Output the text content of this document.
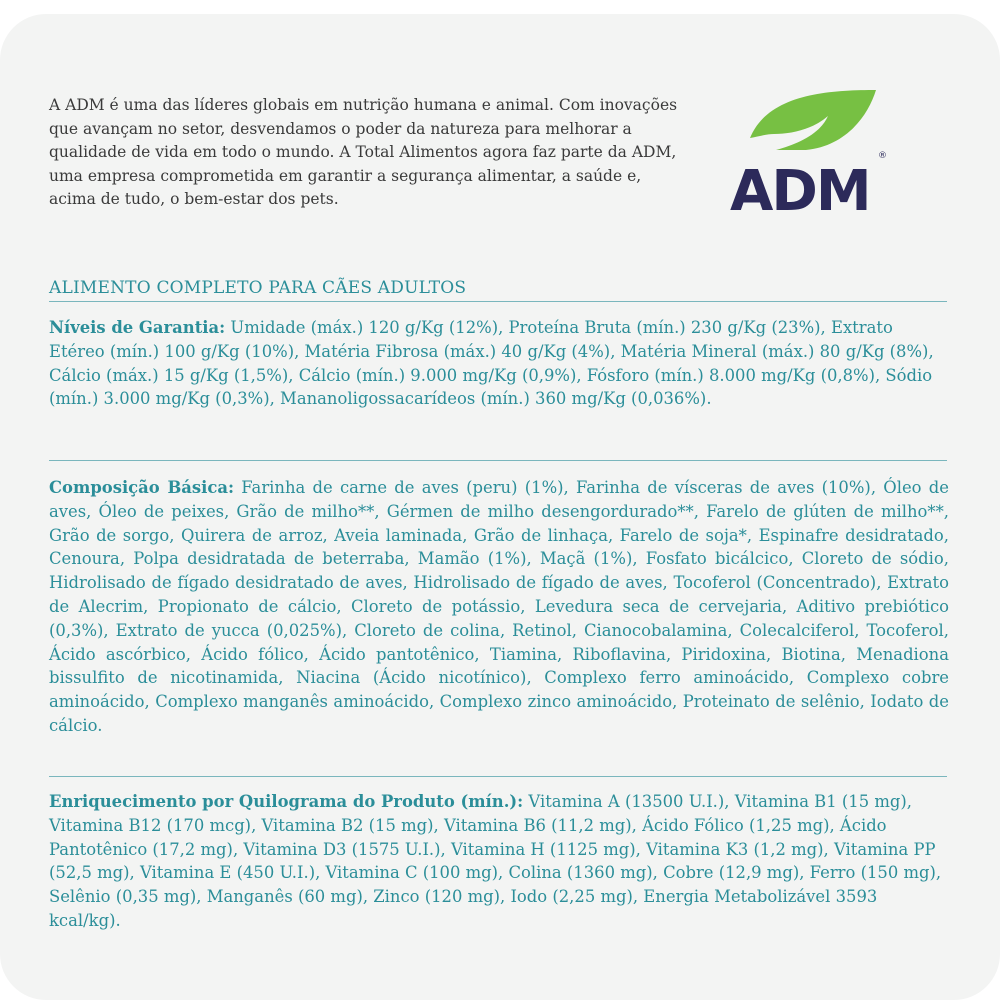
A ADM é uma das líderes globais em nutrição humana e animal. Com inovações que avançam no setor, desvendamos o poder da natureza para melhorar a qualidade de vida em todo o mundo. A Total Alimentos agora faz parte da ADM, uma empresa comprometida em garantir a segurança alimentar, a saúde e, acima de tudo, o bem-estar dos pets.	ADM
®
ALIMENTO COMPLETO PARA CÃES ADULTOS

Níveis de Garantia: Umidade (máx.) 120 g/Kg (12%), Proteína Bruta (mín.) 230 g/Kg (23%), Extrato Etéreo (mín.) 100 g/Kg (10%), Matéria Fibrosa (máx.) 40 g/Kg (4%), Matéria Mineral (máx.) 80 g/Kg (8%), Cálcio (máx.) 15 g/Kg (1,5%), Cálcio (mín.) 9.000 mg/Kg (0,9%), Fósforo (mín.) 8.000 mg/Kg (0,8%), Sódio (mín.) 3.000 mg/Kg (0,3%), Mananoligossacarídeos (mín.) 360 mg/Kg (0,036%).

Composição Básica: Farinha de carne de aves (peru) (1%), Farinha de vísceras de aves (10%), Óleo de aves, Óleo de peixes, Grão de milho**, Gérmen de milho desengordurado**, Farelo de glúten de milho**, Grão de sorgo, Quirera de arroz, Aveia laminada, Grão de linhaça, Farelo de soja*, Espinafre desidratado, Cenoura, Polpa desidratada de beterraba, Mamão (1%), Maçã (1%), Fosfato bicálcico, Cloreto de sódio, Hidrolisado de fígado desidratado de aves, Hidrolisado de fígado de aves, Tocoferol (Concentrado), Extrato de Alecrim, Propionato de cálcio, Cloreto de potássio, Levedura seca de cervejaria, Aditivo prebiótico (0,3%), Extrato de yucca (0,025%), Cloreto de colina, Retinol, Cianocobalamina, Colecalciferol, Tocoferol, Ácido ascórbico, Ácido fólico, Ácido pantotênico, Tiamina, Riboflavina, Piridoxina, Biotina, Menadiona bissulfito de nicotinamida, Niacina (Ácido nicotínico), Complexo ferro aminoácido, Complexo cobre aminoácido, Complexo manganês aminoácido, Complexo zinco aminoácido, Proteinato de selênio, Iodato de cálcio.

Enriquecimento por Quilograma do Produto (mín.): Vitamina A (13500 U.I.), Vitamina B1 (15 mg), Vitamina B12 (170 mcg), Vitamina B2 (15 mg), Vitamina B6 (11,2 mg), Ácido Fólico (1,25 mg), Ácido Pantotênico (17,2 mg), Vitamina D3 (1575 U.I.), Vitamina H (1125 mg), Vitamina K3 (1,2 mg), Vitamina PP (52,5 mg), Vitamina E (450 U.I.), Vitamina C (100 mg), Colina (1360 mg), Cobre (12,9 mg), Ferro (150 mg), Selênio (0,35 mg), Manganês (60 mg), Zinco (120 mg), Iodo (2,25 mg), Energia Metabolizável 3593 kcal/kg).
